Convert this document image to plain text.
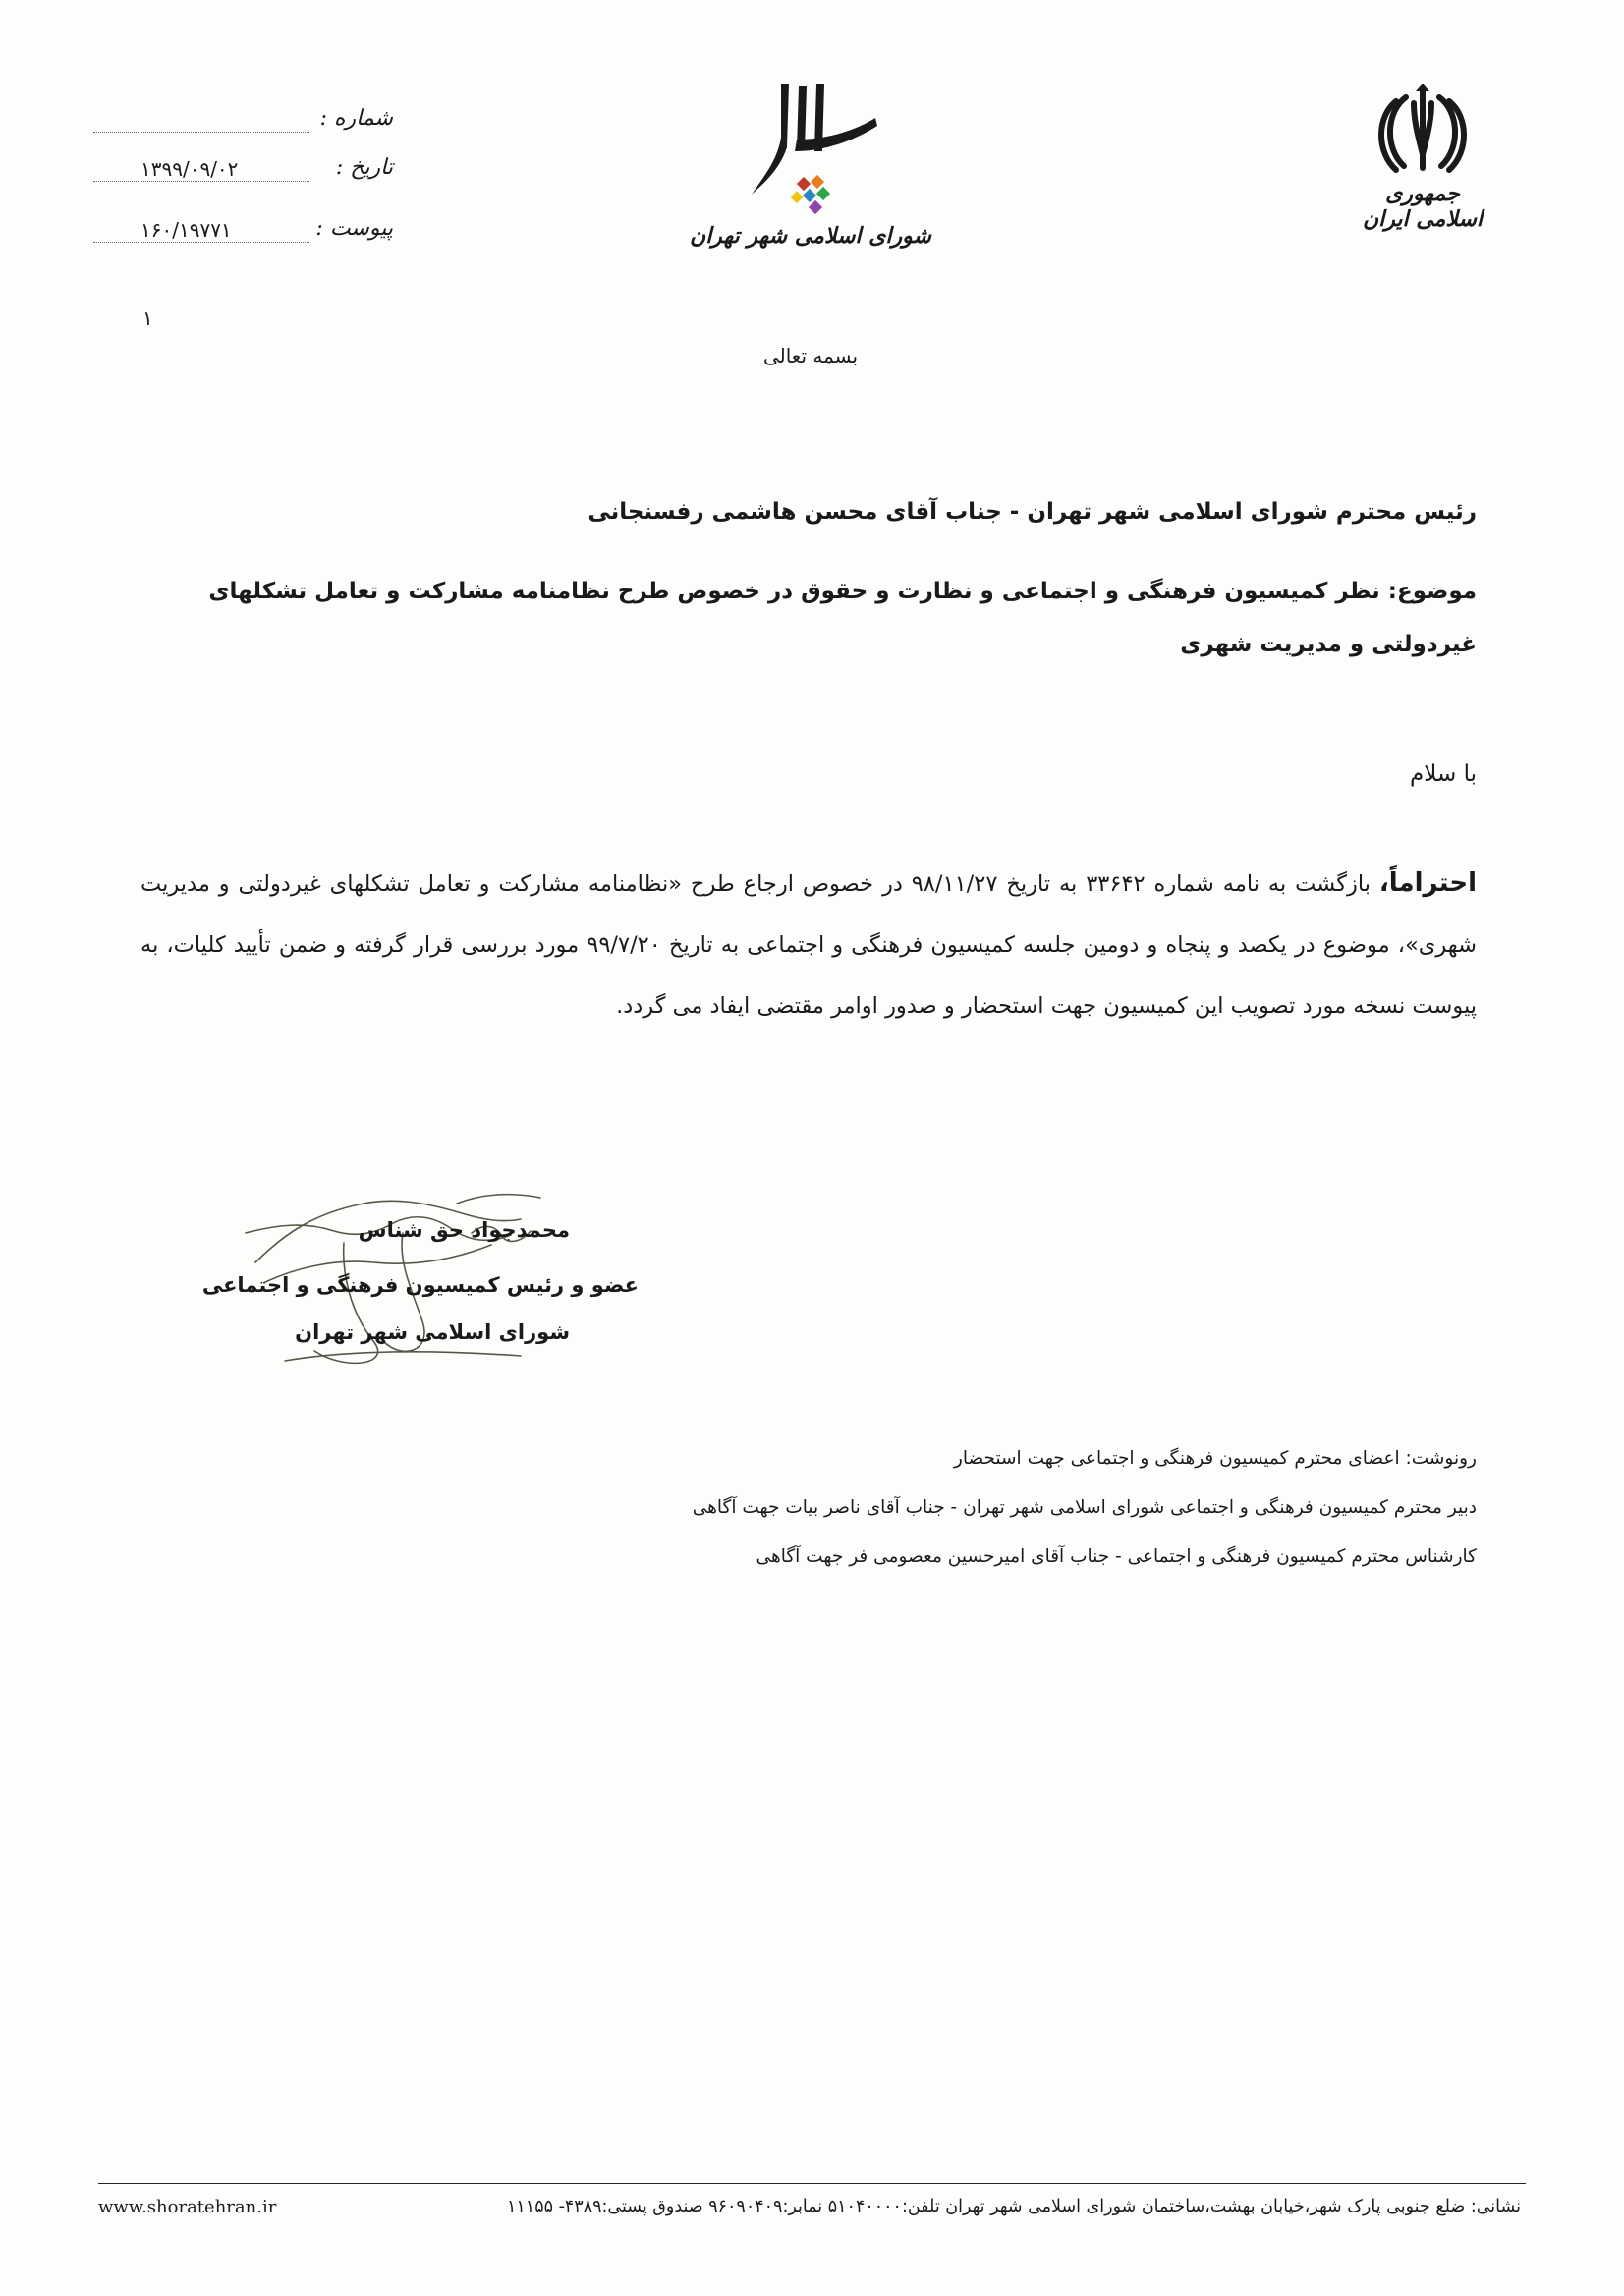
جمهوری اسلامی ایران
شورای اسلامی شهر تهران
شماره :
تاریخ :
۱۳۹۹/۰۹/۰۲
پیوست :
۱۶۰/۱۹۷۷۱
۱
بسمه تعالی
رئیس محترم شورای اسلامی شهر تهران - جناب آقای محسن هاشمی رفسنجانی
موضوع: نظر کمیسیون فرهنگی و اجتماعی و نظارت و حقوق در خصوص طرح نظامنامه مشارکت و تعامل تشکلهای غیردولتی و مدیریت شهری
با سلام
احتراماً، بازگشت به نامه شماره ۳۳۶۴۲ به تاریخ ۹۸/۱۱/۲۷ در خصوص ارجاع طرح «نظامنامه مشارکت و تعامل تشکلهای غیردولتی و مدیریت شهری»، موضوع در یکصد و پنجاه و دومین جلسه کمیسیون فرهنگی و اجتماعی به تاریخ ۹۹/۷/۲۰ مورد بررسی قرار گرفته و ضمن تأیید کلیات، به پیوست نسخه مورد تصویب این کمیسیون جهت استحضار و صدور اوامر مقتضی ایفاد می گردد.
محمدجواد حق شناس
عضو و رئیس کمیسیون فرهنگی و اجتماعی
شورای اسلامی شهر تهران
رونوشت: اعضای محترم کمیسیون فرهنگی و اجتماعی جهت استحضار
دبیر محترم کمیسیون فرهنگی و اجتماعی شورای اسلامی شهر تهران - جناب آقای ناصر بیات جهت آگاهی
کارشناس محترم کمیسیون فرهنگی و اجتماعی - جناب آقای امیرحسین معصومی فر جهت آگاهی
نشانی: ضلع جنوبی پارک شهر،خیابان بهشت،ساختمان شورای اسلامی شهر تهران تلفن:۵۱۰۴۰۰۰۰ نمابر:۹۶۰۹۰۴۰۹ صندوق پستی:۴۳۸۹- ۱۱۱۵۵
www.shoratehran.ir
